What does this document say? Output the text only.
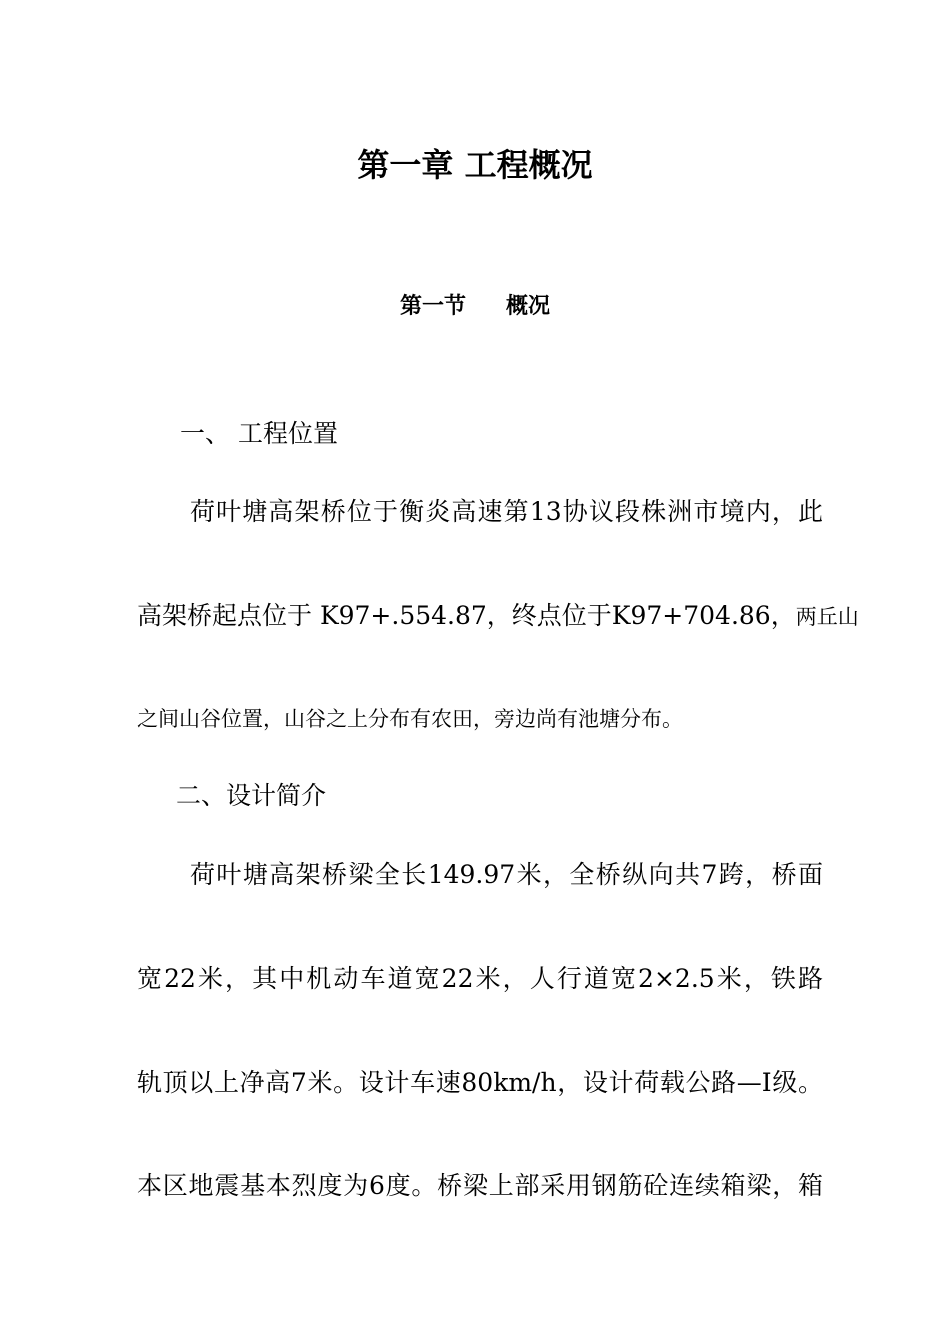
第一章 工程概况
第一节 概况
一、 工程位置
荷叶塘高架桥位于衡炎高速第13协议段株洲市境内，此
高架桥起点位于 K97+.554.87，终点位于K97+704.86，两丘山
之间山谷位置，山谷之上分布有农田，旁边尚有池塘分布。
二、设计简介
荷叶塘高架桥梁全长149.97米，全桥纵向共7跨，桥面
宽22米，其中机动车道宽22米，人行道宽2×2.5米，铁路
轨顶以上净高7米。设计车速80km/h，设计荷载公路—I级。
本区地震基本烈度为6度。桥梁上部采用钢筋砼连续箱梁，箱
